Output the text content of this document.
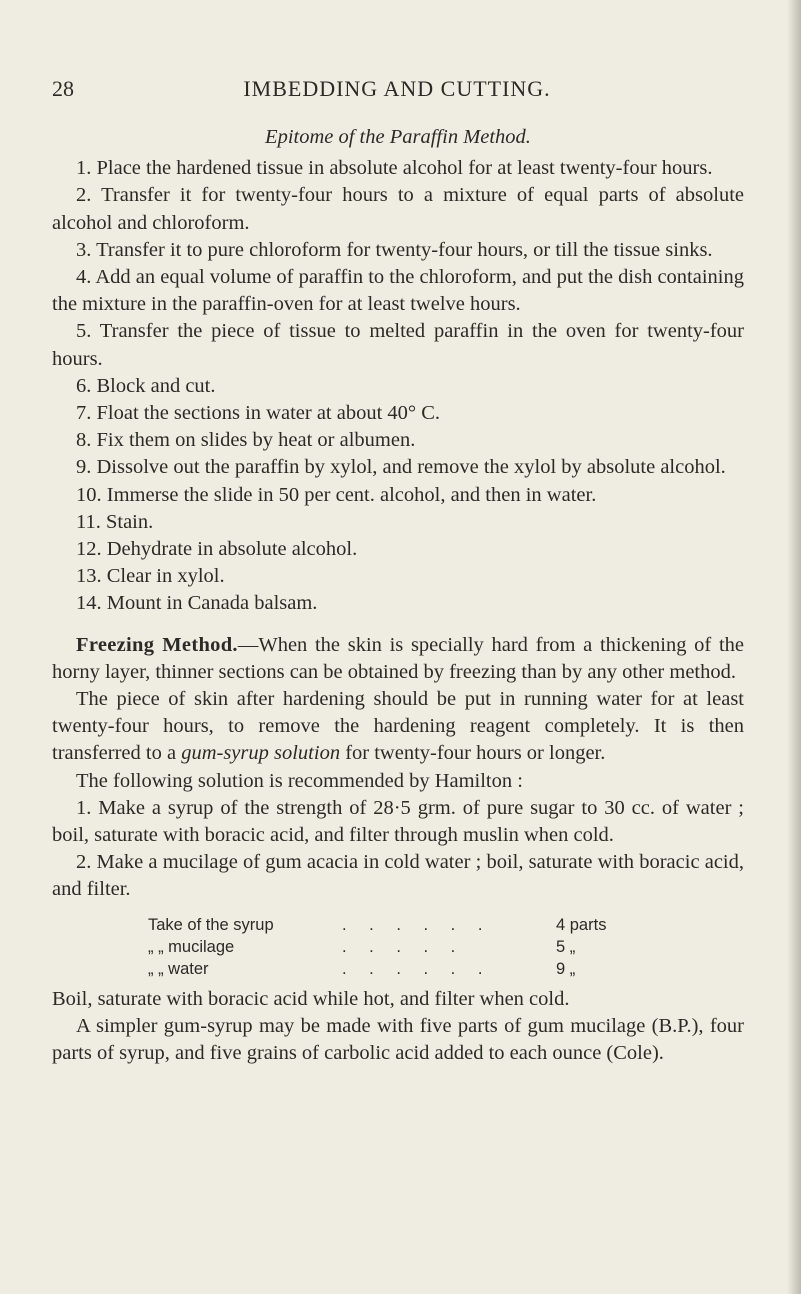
28	IMBEDDING AND CUTTING.
Epitome of the Paraffin Method.

1. Place the hardened tissue in absolute alcohol for at least twenty-four hours.

2. Transfer it for twenty-four hours to a mixture of equal parts of absolute alcohol and chloroform.

3. Transfer it to pure chloroform for twenty-four hours, or till the tissue sinks.

4. Add an equal volume of paraffin to the chloroform, and put the dish containing the mixture in the paraffin-oven for at least twelve hours.

5. Transfer the piece of tissue to melted paraffin in the oven for twenty-four hours.

6. Block and cut.

7. Float the sections in water at about 40° C.

8. Fix them on slides by heat or albumen.

9. Dissolve out the paraffin by xylol, and remove the xylol by absolute alcohol.

10. Immerse the slide in 50 per cent. alcohol, and then in water.

11. Stain.

12. Dehydrate in absolute alcohol.

13. Clear in xylol.

14. Mount in Canada balsam.

Freezing Method.—When the skin is specially hard from a thickening of the horny layer, thinner sections can be obtained by freezing than by any other method.

The piece of skin after hardening should be put in running water for at least twenty-four hours, to remove the hardening reagent completely. It is then transferred to a gum-syrup solution for twenty-four hours or longer.

The following solution is recommended by Hamilton :

1. Make a syrup of the strength of 28·5 grm. of pure sugar to 30 cc. of water ; boil, saturate with boracic acid, and filter through muslin when cold.

2. Make a mucilage of gum acacia in cold water ; boil, saturate with boracic acid, and filter.

Take of the syrup	. . . . . .	4 parts
„ „ mucilage	. . . . .	5 „
„ „ water	. . . . . .	9 „

Boil, saturate with boracic acid while hot, and filter when cold.

A simpler gum-syrup may be made with five parts of gum mucilage (B.P.), four parts of syrup, and five grains of carbolic acid added to each ounce (Cole).
